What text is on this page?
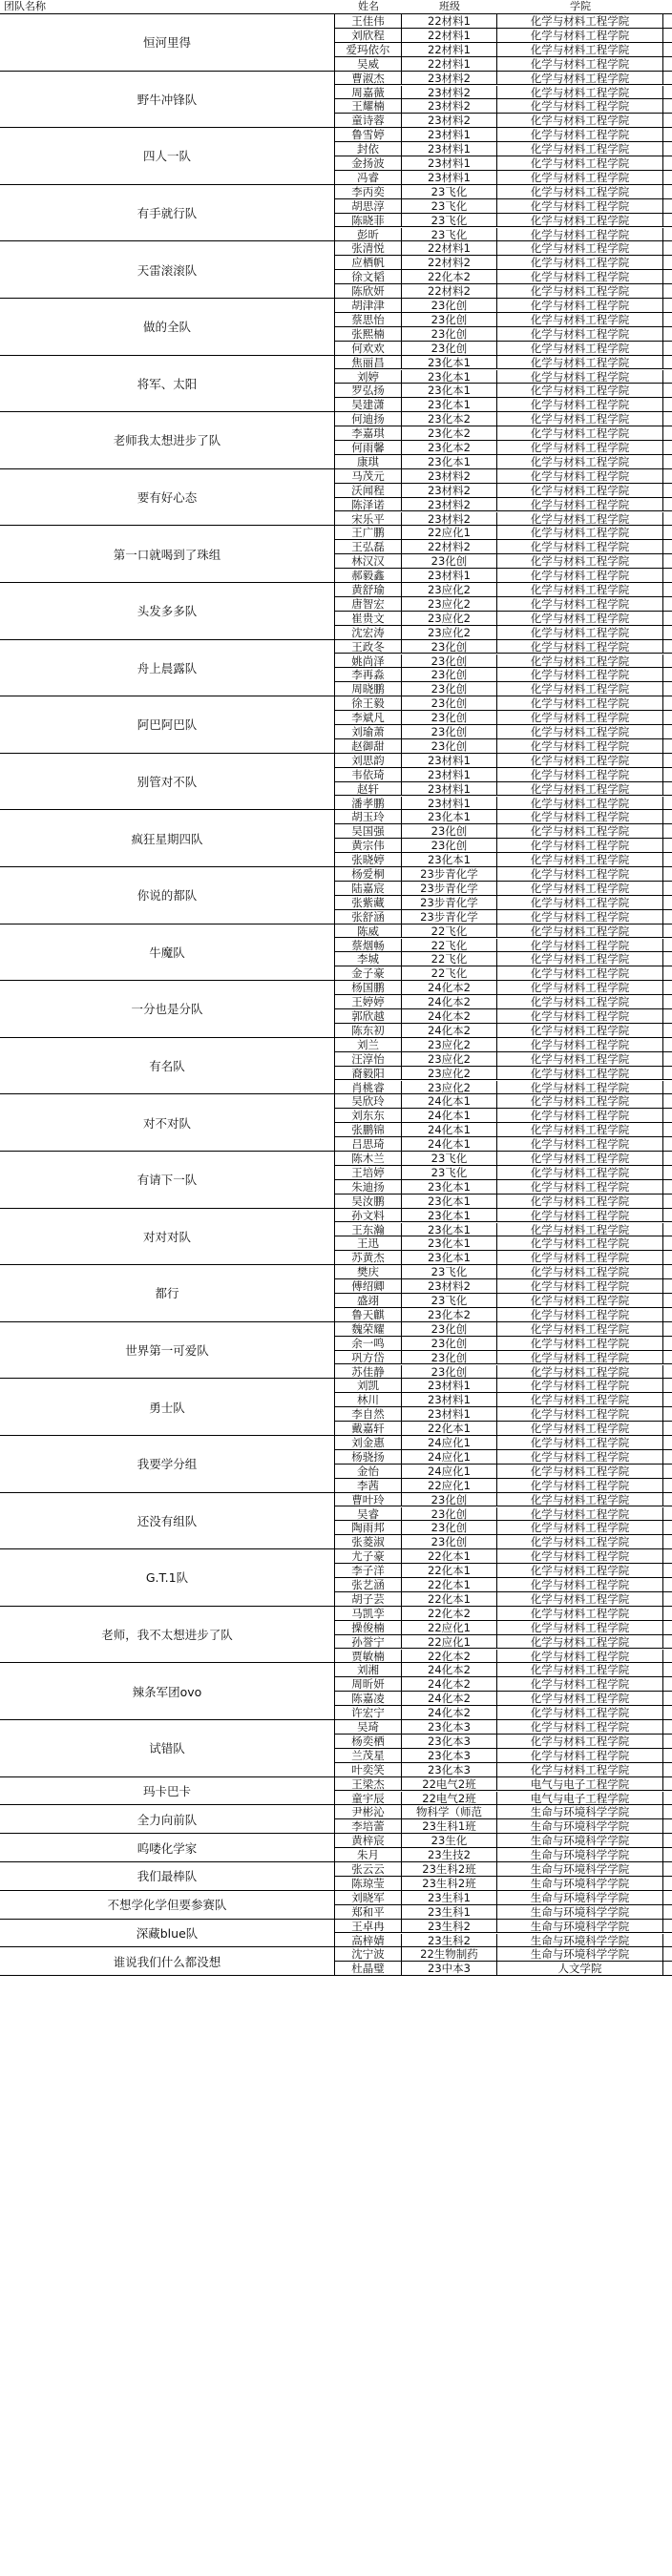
团队名称	姓名	班级	学院
恒河里得
王佳伟	22材料1	化学与材料工程学院
刘欣程	22材料1	化学与材料工程学院
爱玛依尔	22材料1	化学与材料工程学院
吴威	22材料1	化学与材料工程学院
野牛冲锋队
曹淑杰	23材料2	化学与材料工程学院
周嘉薇	23材料2	化学与材料工程学院
王耀楠	23材料2	化学与材料工程学院
童诗蓉	23材料2	化学与材料工程学院
四人一队
鲁雪婷	23材料1	化学与材料工程学院
封依	23材料1	化学与材料工程学院
金扬波	23材料1	化学与材料工程学院
冯睿	23材料1	化学与材料工程学院
有手就行队
李丙奕	23飞化	化学与材料工程学院
胡思淳	23飞化	化学与材料工程学院
陈晓菲	23飞化	化学与材料工程学院
彭昕	23飞化	化学与材料工程学院
天雷滚滚队
张清悦	22材料1	化学与材料工程学院
应栖帆	22材料2	化学与材料工程学院
徐文韬	22化本2	化学与材料工程学院
陈欣妍	22材料2	化学与材料工程学院
做的全队
胡津津	23化创	化学与材料工程学院
蔡思怡	23化创	化学与材料工程学院
张熙楠	23化创	化学与材料工程学院
何欢欢	23化创	化学与材料工程学院
将军、太阳
焦丽昌	23化本1	化学与材料工程学院
刘婷	23化本1	化学与材料工程学院
罗弘扬	23化本1	化学与材料工程学院
吴建潇	23化本1	化学与材料工程学院
老师我太想进步了队
何迪扬	23化本2	化学与材料工程学院
李嘉琪	23化本2	化学与材料工程学院
何雨馨	23化本2	化学与材料工程学院
康琪	23化本1	化学与材料工程学院
要有好心态
马茂元	23材料2	化学与材料工程学院
沃闻程	23材料2	化学与材料工程学院
陈泽诺	23材料2	化学与材料工程学院
宋乐平	23材料2	化学与材料工程学院
第一口就喝到了珠组
王广鹏	22应化1	化学与材料工程学院
王弘磊	22材料2	化学与材料工程学院
林汉汉	23化创	化学与材料工程学院
郝毅鑫	23材料1	化学与材料工程学院
头发多多队
黄舒瑜	23应化2	化学与材料工程学院
唐智宏	23应化2	化学与材料工程学院
崔贵文	23应化2	化学与材料工程学院
沈宏涛	23应化2	化学与材料工程学院
舟上晨露队
王政冬	23化创	化学与材料工程学院
姚尚泽	23化创	化学与材料工程学院
李再淼	23化创	化学与材料工程学院
周晓鹏	23化创	化学与材料工程学院
阿巴阿巴队
徐王毅	23化创	化学与材料工程学院
李斌凡	23化创	化学与材料工程学院
刘瑜萧	23化创	化学与材料工程学院
赵御甜	23化创	化学与材料工程学院
别管对不队
刘思韵	23材料1	化学与材料工程学院
韦依琦	23材料1	化学与材料工程学院
赵轩	23材料1	化学与材料工程学院
潘孝鹏	23材料1	化学与材料工程学院
疯狂星期四队
胡玉玲	23化本1	化学与材料工程学院
吴国强	23化创	化学与材料工程学院
黄宗伟	23化创	化学与材料工程学院
张晓婷	23化本1	化学与材料工程学院
你说的都队
杨爱桐	23步青化学	化学与材料工程学院
陆嘉宸	23步青化学	化学与材料工程学院
张紫藏	23步青化学	化学与材料工程学院
张舒涵	23步青化学	化学与材料工程学院
牛魔队
陈威	22飞化	化学与材料工程学院
蔡烟畅	22飞化	化学与材料工程学院
李城	22飞化	化学与材料工程学院
金子豪	22飞化	化学与材料工程学院
一分也是分队
杨国鹏	24化本2	化学与材料工程学院
王婷婷	24化本2	化学与材料工程学院
郭欣越	24化本2	化学与材料工程学院
陈东初	24化本2	化学与材料工程学院
有名队
刘兰	23应化2	化学与材料工程学院
汪淳怡	23应化2	化学与材料工程学院
裔毅阳	23应化2	化学与材料工程学院
肖桃睿	23应化2	化学与材料工程学院
对不对队
吴欣玲	24化本1	化学与材料工程学院
刘东东	24化本1	化学与材料工程学院
张鹏锦	24化本1	化学与材料工程学院
吕思琦	24化本1	化学与材料工程学院
有请下一队
陈木兰	23飞化	化学与材料工程学院
王培婷	23飞化	化学与材料工程学院
朱迪扬	23化本1	化学与材料工程学院
吴汝鹏	23化本1	化学与材料工程学院
对对对队
孙文料	23化本1	化学与材料工程学院
王东瀚	23化本1	化学与材料工程学院
王迅	23化本1	化学与材料工程学院
苏黄杰	23化本1	化学与材料工程学院
都行
樊庆	23飞化	化学与材料工程学院
傅绍卿	23材料2	化学与材料工程学院
盛翊	23飞化	化学与材料工程学院
鲁天麒	23化本2	化学与材料工程学院
世界第一可爱队
魏荣耀	23化创	化学与材料工程学院
余一鸣	23化创	化学与材料工程学院
巩方岱	23化创	化学与材料工程学院
苏佳静	23化创	化学与材料工程学院
勇士队
刘凯	23材料1	化学与材料工程学院
林川	23材料1	化学与材料工程学院
李自然	23材料1	化学与材料工程学院
戴嘉轩	22化本1	化学与材料工程学院
我要学分组
刘金惠	24应化1	化学与材料工程学院
杨骁扬	24应化1	化学与材料工程学院
金怡	24应化1	化学与材料工程学院
李茜	22应化1	化学与材料工程学院
还没有组队
曹叶玲	23化创	化学与材料工程学院
吴睿	23化创	化学与材料工程学院
陶雨邦	23化创	化学与材料工程学院
张菱淑	23化创	化学与材料工程学院
G.T.1队
尤子豪	22化本1	化学与材料工程学院
李子洋	22化本1	化学与材料工程学院
张艺涵	22化本1	化学与材料工程学院
胡子芸	22化本1	化学与材料工程学院
老师，我不太想进步了队
马凯孪	22化本2	化学与材料工程学院
操俊楠	22应化1	化学与材料工程学院
孙誉宁	22应化1	化学与材料工程学院
贾敏楠	22化本2	化学与材料工程学院
辣条军团ovo
刘湘	24化本2	化学与材料工程学院
周昕妍	24化本2	化学与材料工程学院
陈嘉凌	24化本2	化学与材料工程学院
许宏宁	24化本2	化学与材料工程学院
试错队
吴琦	23化本3	化学与材料工程学院
杨奕栖	23化本3	化学与材料工程学院
兰茂星	23化本3	化学与材料工程学院
叶奕笑	23化本3	化学与材料工程学院
玛卡巴卡
王梁杰	22电气2班	电气与电子工程学院
童宇辰	22电气2班	电气与电子工程学院
全力向前队
尹彬沁	物科学（师范	生命与环境科学学院
李培蕾	23生科1班	生命与环境科学学院
呜喽化学家
黄梓宸	23生化	生命与环境科学学院
朱月	23生技2	生命与环境科学学院
我们最棒队
张云云	23生科2班	生命与环境科学学院
陈琼莹	23生科2班	生命与环境科学学院
不想学化学但要参赛队
刘晓军	23生科1	生命与环境科学学院
郑和平	23生科1	生命与环境科学学院
深藏blue队
王卓冉	23生科2	生命与环境科学学院
高梓婧	23生科2	生命与环境科学学院
谁说我们什么都没想
沈宁波	22生物制药	生命与环境科学学院
杜晶璧	23中本3	人文学院
